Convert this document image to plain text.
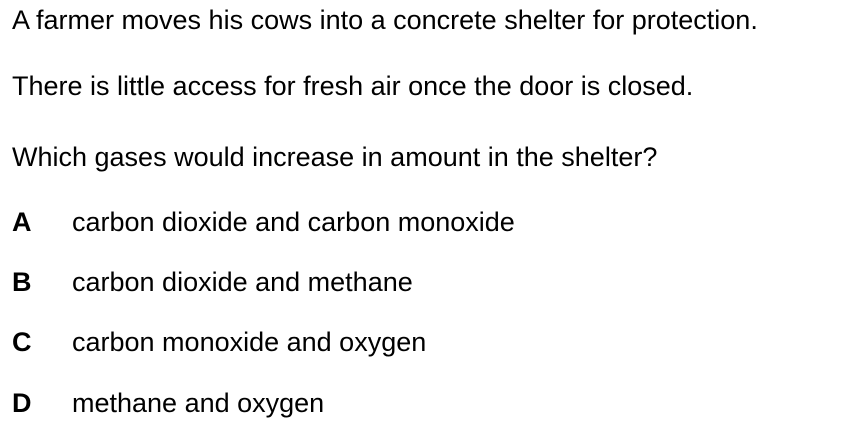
A farmer moves his cows into a concrete shelter for protection.
There is little access for fresh air once the door is closed.
Which gases would increase in amount in the shelter?
A carbon dioxide and carbon monoxide
B carbon dioxide and methane
C carbon monoxide and oxygen
D methane and oxygen
